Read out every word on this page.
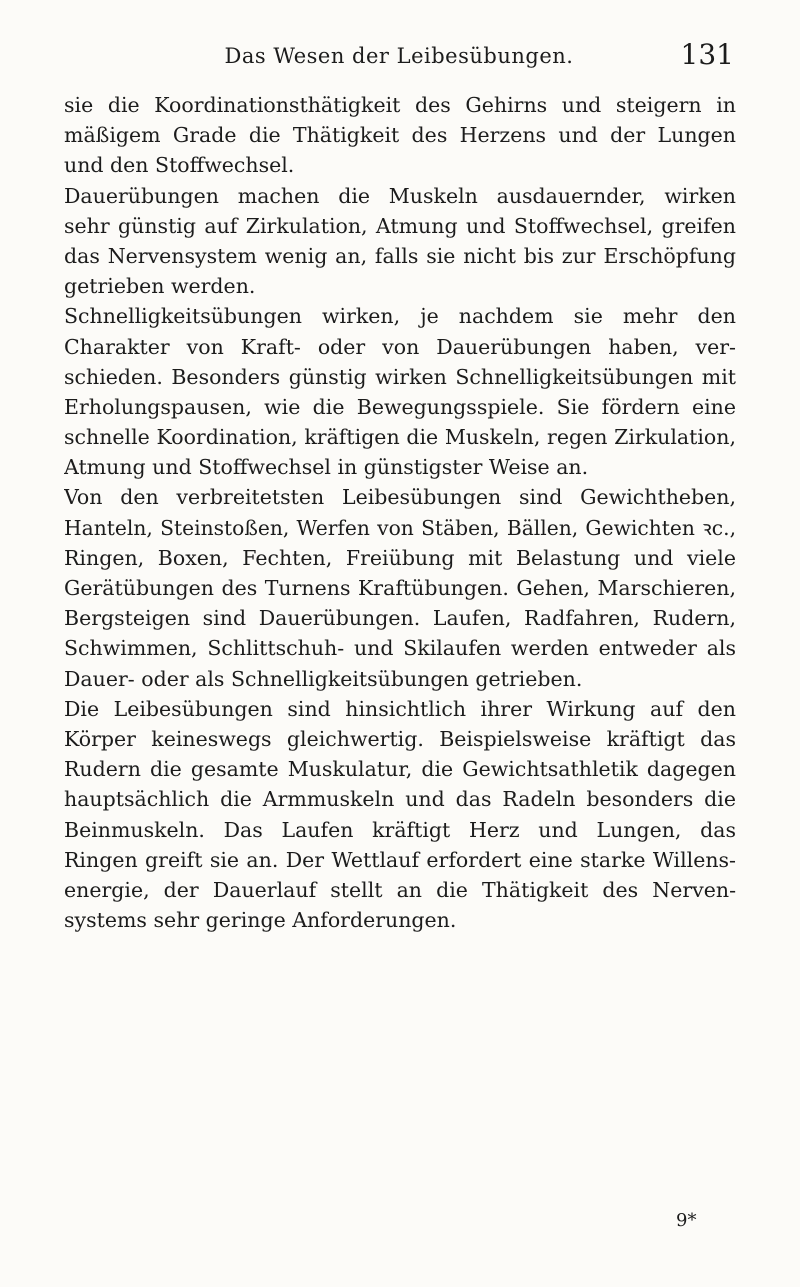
Das Wesen der Leibesübungen.	131
sie die Koordinationsthätigkeit des Gehirns und steigern in
mäßigem Grade die Thätigkeit des Herzens und der Lungen
und den Stoffwechsel.
Dauerübungen machen die Muskeln ausdauernder, wirken
sehr günstig auf Zirkulation, Atmung und Stoffwechsel, greifen
das Nervensystem wenig an, falls sie nicht bis zur Erschöpfung
getrieben werden.
Schnelligkeitsübungen wirken, je nachdem sie mehr den
Charakter von Kraft- oder von Dauerübungen haben, ver-
schieden. Besonders günstig wirken Schnelligkeitsübungen mit
Erholungspausen, wie die Bewegungsspiele. Sie fördern eine
schnelle Koordination, kräftigen die Muskeln, regen Zirkulation,
Atmung und Stoffwechsel in günstigster Weise an.
Von den verbreitetsten Leibesübungen sind Gewichtheben,
Hanteln, Steinstoßen, Werfen von Stäben, Bällen, Gewichten ꝛc.,
Ringen, Boxen, Fechten, Freiübung mit Belastung und viele
Gerätübungen des Turnens Kraftübungen. Gehen, Marschieren,
Bergsteigen sind Dauerübungen. Laufen, Radfahren, Rudern,
Schwimmen, Schlittschuh- und Skilaufen werden entweder als
Dauer- oder als Schnelligkeitsübungen getrieben.
Die Leibesübungen sind hinsichtlich ihrer Wirkung auf den
Körper keineswegs gleichwertig. Beispielsweise kräftigt das
Rudern die gesamte Muskulatur, die Gewichtsathletik dagegen
hauptsächlich die Armmuskeln und das Radeln besonders die
Beinmuskeln. Das Laufen kräftigt Herz und Lungen, das
Ringen greift sie an. Der Wettlauf erfordert eine starke Willens-
energie, der Dauerlauf stellt an die Thätigkeit des Nerven-
systems sehr geringe Anforderungen.
9*
